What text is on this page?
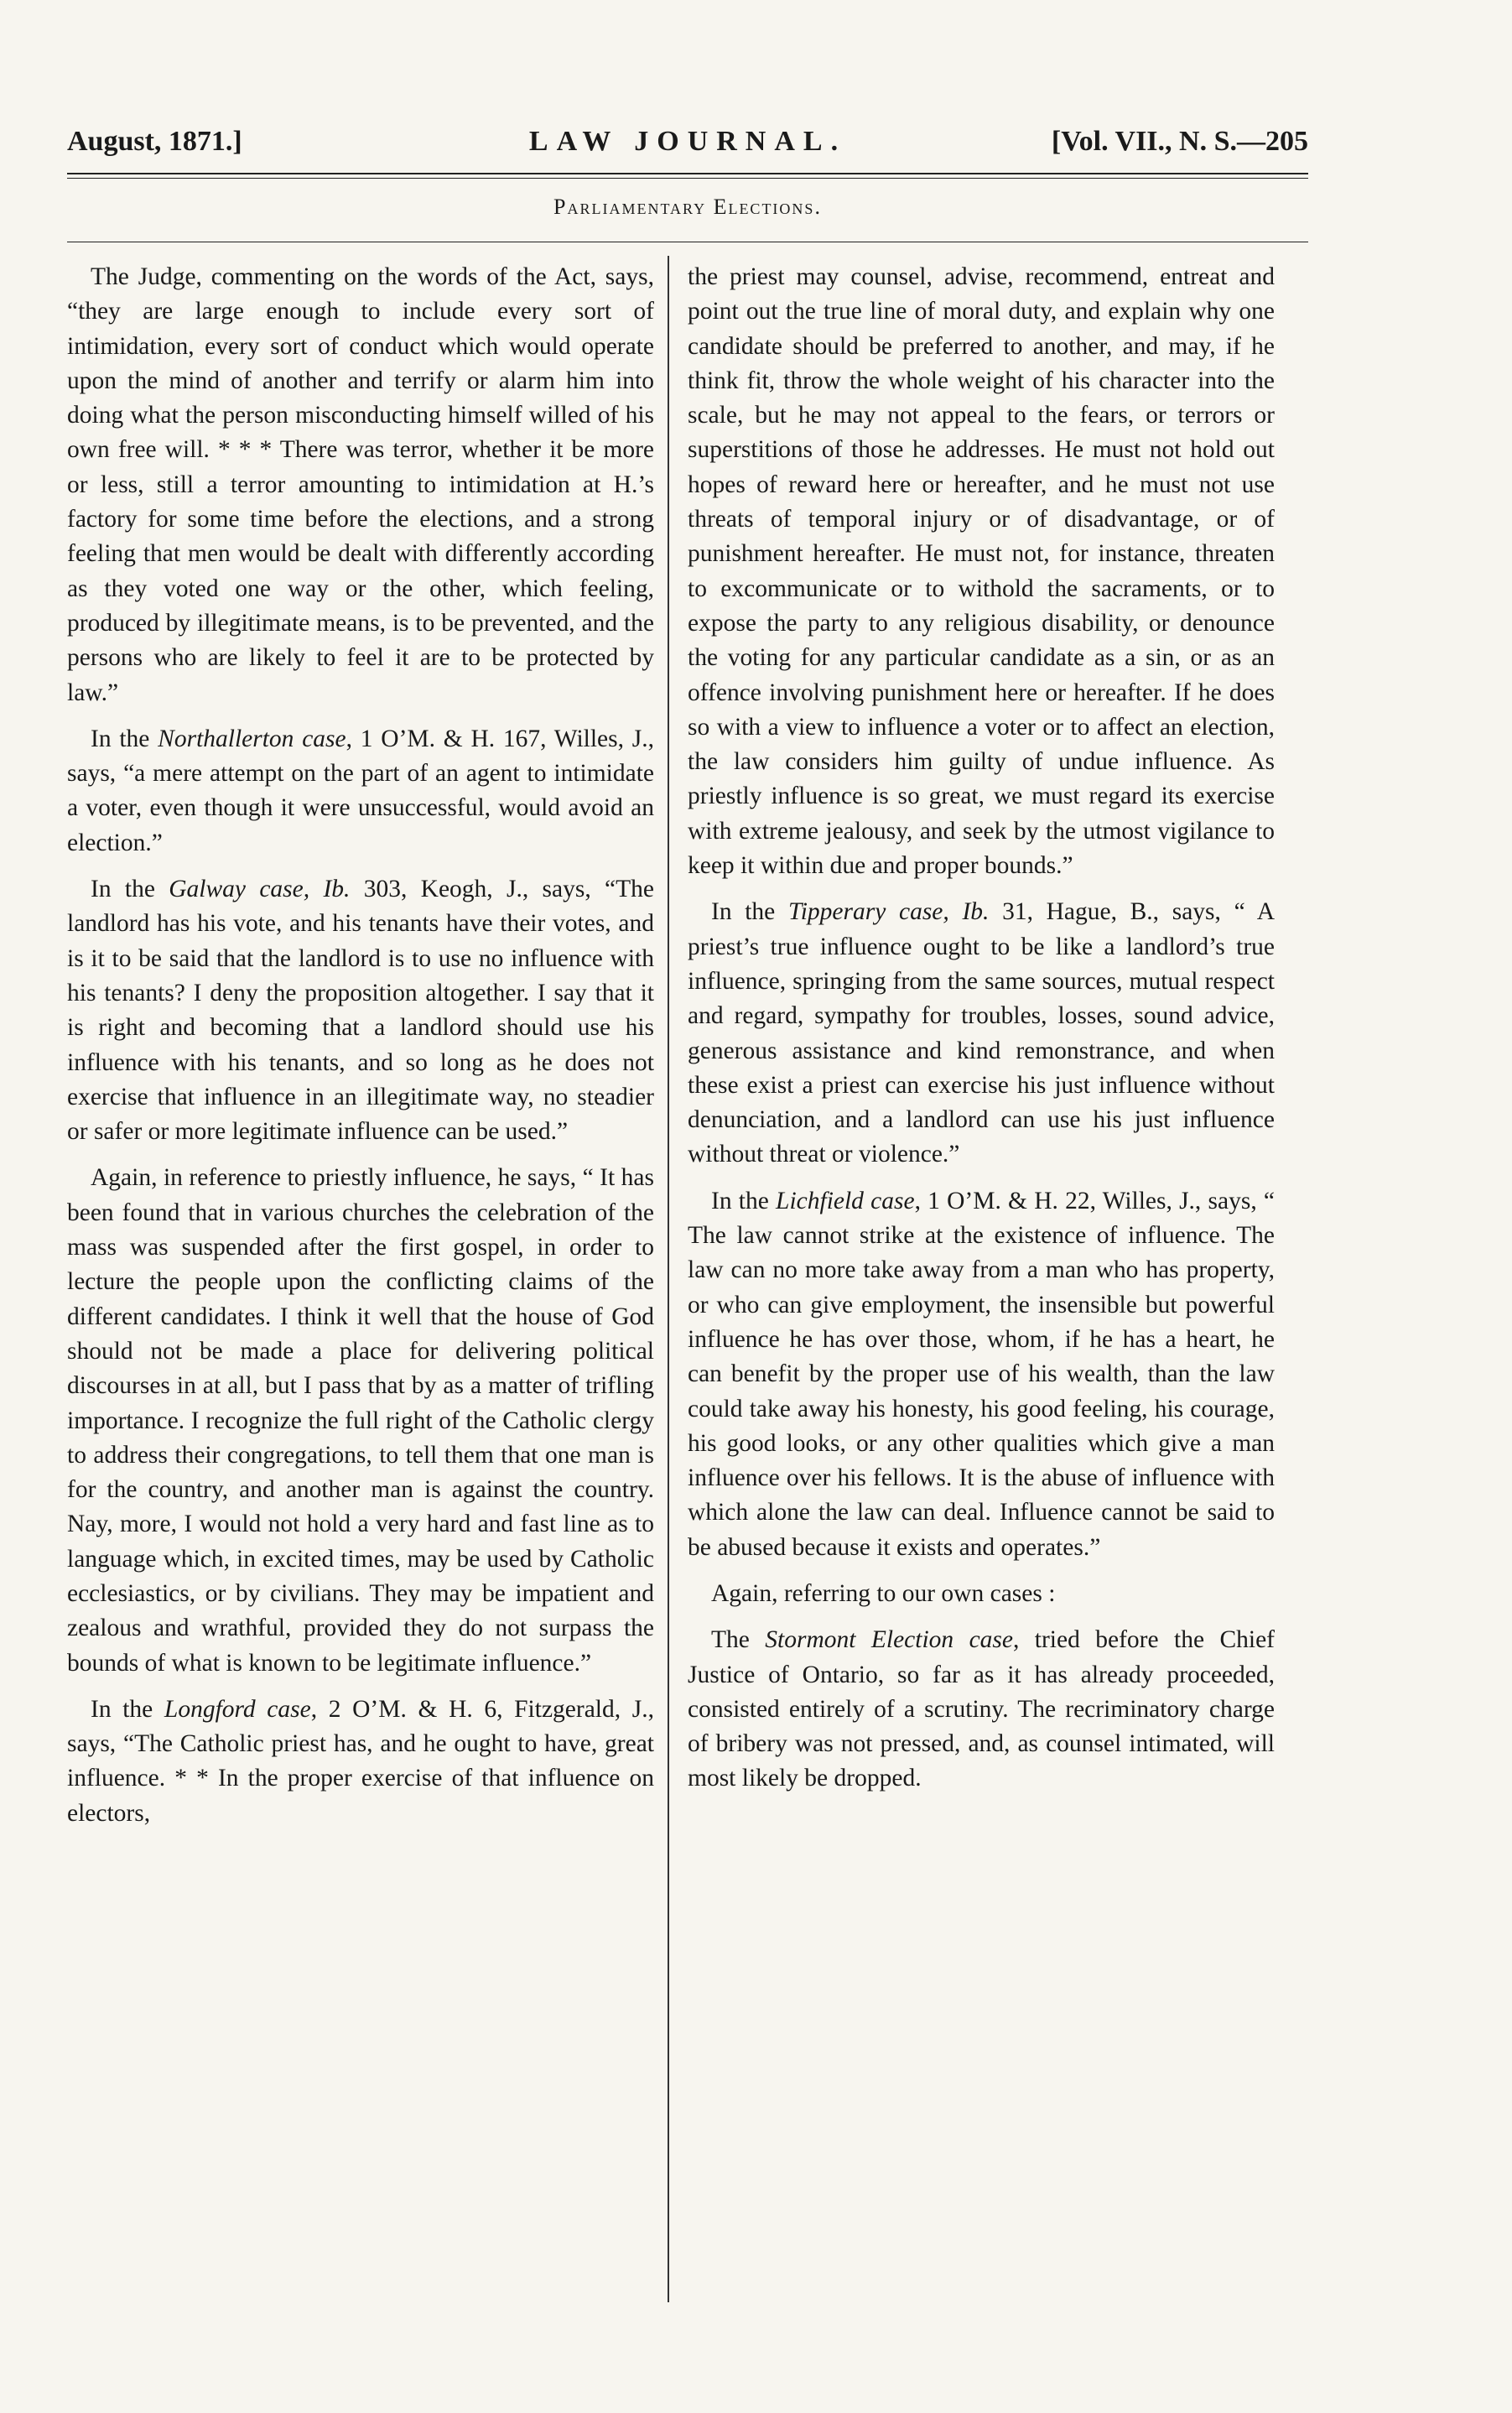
August, 1871.]	LAW JOURNAL.	[Vol. VII., N. S.—205
Parliamentary Elections.

The Judge, commenting on the words of the Act, says, “they are large enough to include every sort of intimidation, every sort of conduct which would operate upon the mind of another and terrify or alarm him into doing what the person misconducting himself willed of his own free will. * * * There was terror, whether it be more or less, still a terror amounting to intimidation at H.’s factory for some time before the elections, and a strong feeling that men would be dealt with differently according as they voted one way or the other, which feeling, produced by illegitimate means, is to be prevented, and the persons who are likely to feel it are to be protected by law.”

In the Northallerton case, 1 O’M. & H. 167, Willes, J., says, “a mere attempt on the part of an agent to intimidate a voter, even though it were unsuccessful, would avoid an election.”

In the Galway case, Ib. 303, Keogh, J., says, “The landlord has his vote, and his tenants have their votes, and is it to be said that the landlord is to use no influence with his tenants? I deny the proposition altogether. I say that it is right and becoming that a landlord should use his influence with his tenants, and so long as he does not exercise that influence in an illegitimate way, no steadier or safer or more legitimate influence can be used.”

Again, in reference to priestly influence, he says, “ It has been found that in various churches the celebration of the mass was suspended after the first gospel, in order to lecture the people upon the conflicting claims of the different candidates. I think it well that the house of God should not be made a place for delivering political discourses in at all, but I pass that by as a matter of trifling importance. I recognize the full right of the Catholic clergy to address their congregations, to tell them that one man is for the country, and another man is against the country. Nay, more, I would not hold a very hard and fast line as to language which, in excited times, may be used by Catholic ecclesiastics, or by civilians. They may be impatient and zealous and wrathful, provided they do not surpass the bounds of what is known to be legitimate influence.”

In the Longford case, 2 O’M. & H. 6, Fitzgerald, J., says, “The Catholic priest has, and he ought to have, great influence. * * In the proper exercise of that influence on electors,

the priest may counsel, advise, recommend, entreat and point out the true line of moral duty, and explain why one candidate should be preferred to another, and may, if he think fit, throw the whole weight of his character into the scale, but he may not appeal to the fears, or terrors or superstitions of those he addresses. He must not hold out hopes of reward here or hereafter, and he must not use threats of temporal injury or of disadvantage, or of punishment hereafter. He must not, for instance, threaten to excommunicate or to withold the sacraments, or to expose the party to any religious disability, or denounce the voting for any particular candidate as a sin, or as an offence involving punishment here or hereafter. If he does so with a view to influence a voter or to affect an election, the law considers him guilty of undue influence. As priestly influence is so great, we must regard its exercise with extreme jealousy, and seek by the utmost vigilance to keep it within due and proper bounds.”

In the Tipperary case, Ib. 31, Hague, B., says, “ A priest’s true influence ought to be like a landlord’s true influence, springing from the same sources, mutual respect and regard, sympathy for troubles, losses, sound advice, generous assistance and kind remonstrance, and when these exist a priest can exercise his just influence without denunciation, and a landlord can use his just influence without threat or violence.”

In the Lichfield case, 1 O’M. & H. 22, Willes, J., says, “ The law cannot strike at the existence of influence. The law can no more take away from a man who has property, or who can give employment, the insensible but powerful influence he has over those, whom, if he has a heart, he can benefit by the proper use of his wealth, than the law could take away his honesty, his good feeling, his courage, his good looks, or any other qualities which give a man influence over his fellows. It is the abuse of influence with which alone the law can deal. Influence cannot be said to be abused because it exists and operates.”

Again, referring to our own cases :

The Stormont Election case, tried before the Chief Justice of Ontario, so far as it has already proceeded, consisted entirely of a scrutiny. The recriminatory charge of bribery was not pressed, and, as counsel intimated, will most likely be dropped.
